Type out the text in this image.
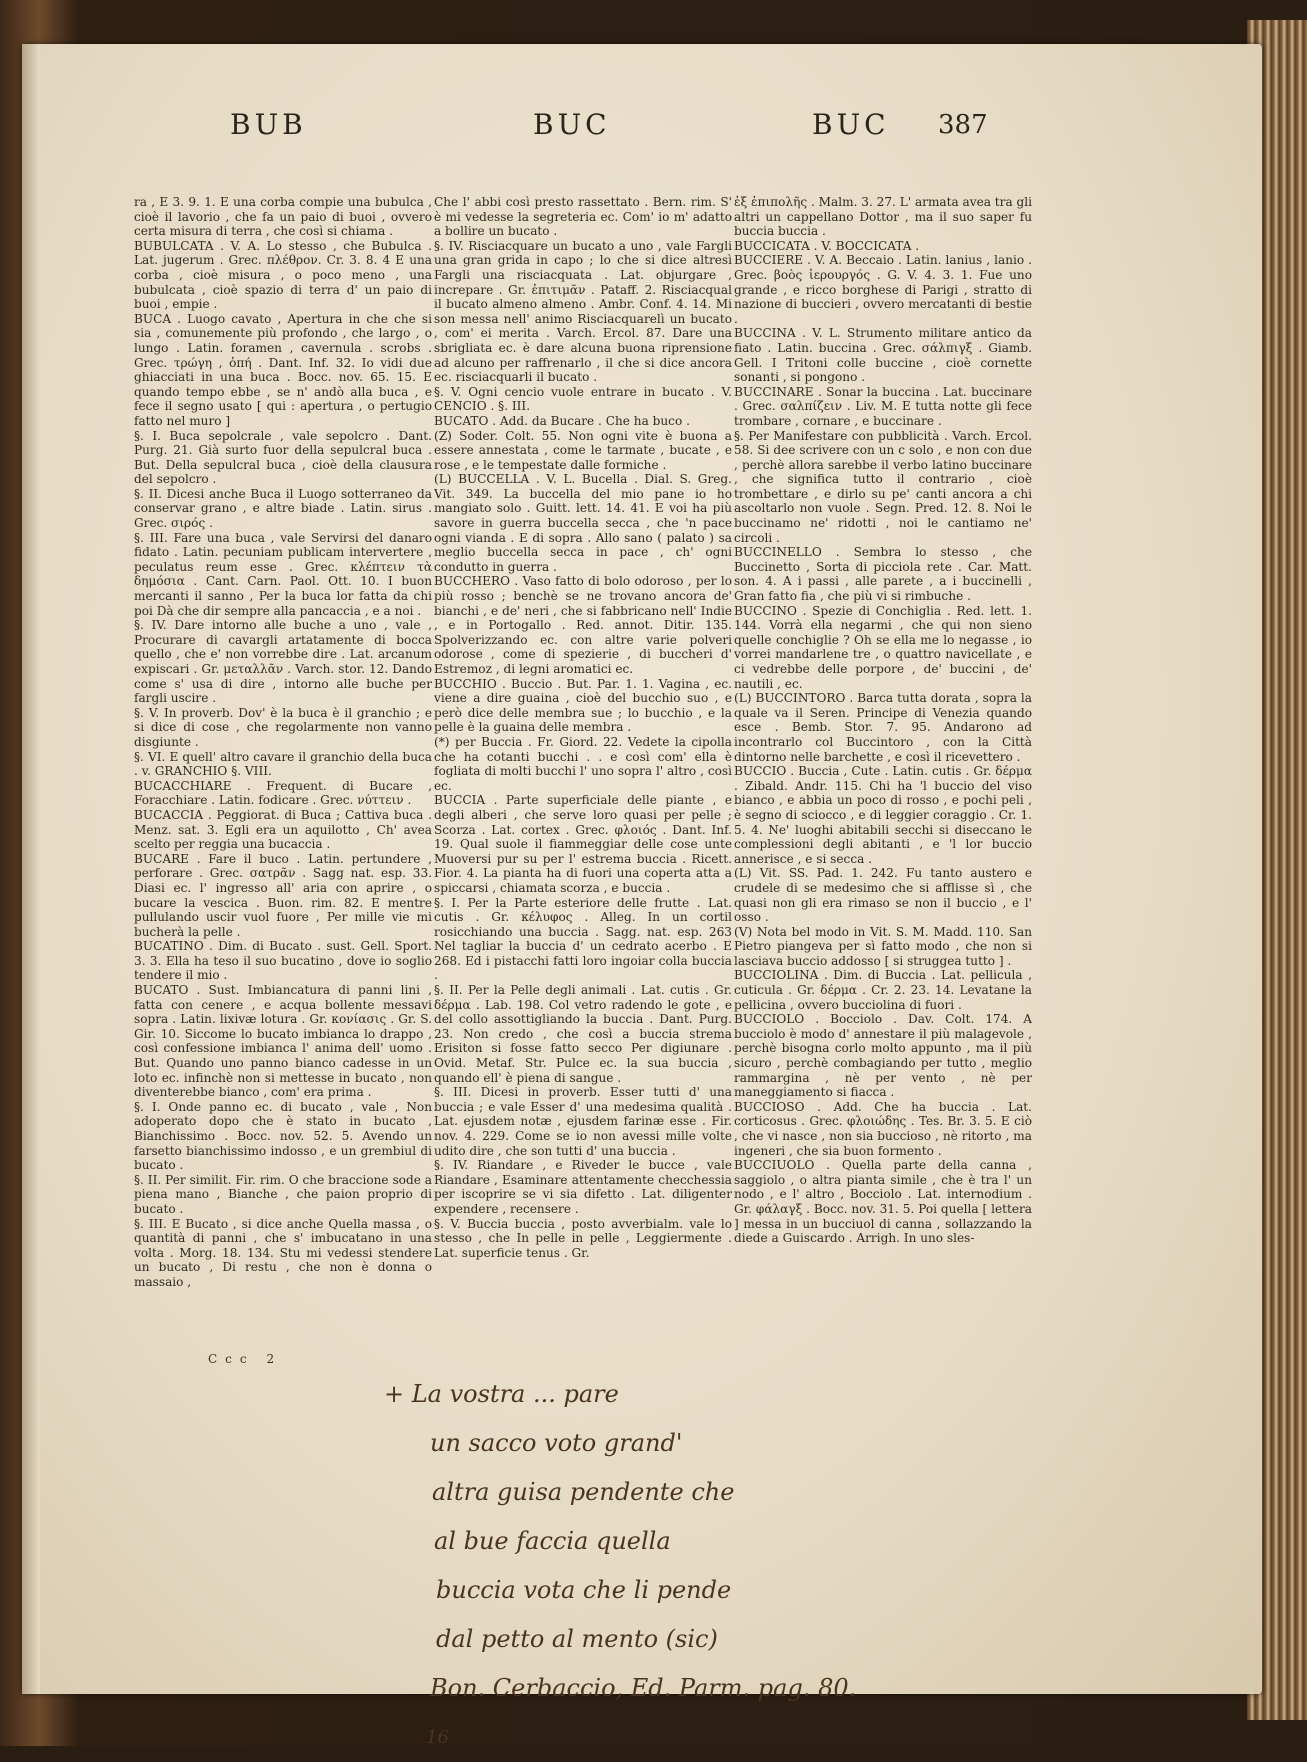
BUB	BUC	BUC 387

ra , E 3. 9. 1. E una corba compie una bubulca , cioè il lavorio , che fa un paio di buoi , ovvero certa misura di terra , che così si chiama .

BUBULCATA . V. A. Lo stesso , che Bubulca . Lat. jugerum . Grec. πλέθρον. Cr. 3. 8. 4 E una corba , cioè misura , o poco meno , una bubulcata , cioè spazio di terra d' un paio di buoi , empie .

BUCA . Luogo cavato , Apertura in che che si sia , comunemente più profondo , che largo , o lungo . Latin. foramen , cavernula . scrobs . Grec. τρώγη , ὀπή . Dant. Inf. 32. Io vidi due ghiacciati in una buca . Bocc. nov. 65. 15. E quando tempo ebbe , se n' andò alla buca , e fece il segno usato [ qui : apertura , o pertugio fatto nel muro ]

§. I. Buca sepolcrale , vale sepolcro . Dant. Purg. 21. Già surto fuor della sepulcral buca . But. Della sepulcral buca , cioè della clausura del sepolcro .

§. II. Dicesi anche Buca il Luogo sotterraneo da conservar grano , e altre biade . Latin. sirus . Grec. σιρός .

§. III. Fare una buca , vale Servirsi del danaro fidato . Latin. pecuniam publicam intervertere , peculatus reum esse . Grec. κλέπτειν τὰ δημόσια . Cant. Carn. Paol. Ott. 10. I buon mercanti il sanno , Per la buca lor fatta da chi poi Dà che dir sempre alla pancaccia , e a noi .

§. IV. Dare intorno alle buche a uno , vale , Procurare di cavargli artatamente di bocca quello , che e' non vorrebbe dire . Lat. arcanum expiscari . Gr. μεταλλᾶν . Varch. stor. 12. Dando come s' usa di dire , intorno alle buche per fargli uscire .

§. V. In proverb. Dov' è la buca è il granchio ; e si dice di cose , che regolarmente non vanno disgiunte .

§. VI. E quell' altro cavare il granchio della buca . v. GRANCHIO §. VIII.

BUCACCHIARE . Frequent. di Bucare , Foracchiare . Latin. fodicare . Grec. νύττειν .

BUCACCIA . Peggiorat. di Buca ; Cattiva buca . Menz. sat. 3. Egli era un aquilotto , Ch' avea scelto per reggia una bucaccia .

BUCARE . Fare il buco . Latin. pertundere , perforare . Grec. σατρᾶν . Sagg nat. esp. 33. Diasi ec. l' ingresso all' aria con aprire , o bucare la vescica . Buon. rim. 82. E mentre pullulando uscir vuol fuore , Per mille vie mi bucherà la pelle .

BUCATINO . Dim. di Bucato . sust. Gell. Sport. 3. 3. Ella ha teso il suo bucatino , dove io soglio tendere il mio .

BUCATO . Sust. Imbiancatura di panni lini , fatta con cenere , e acqua bollente messavi sopra . Latin. lixivæ lotura . Gr. κονίασις . Gr. S. Gir. 10. Siccome lo bucato imbianca lo drappo , così confessione imbianca l' anima dell' uomo . But. Quando uno panno bianco cadesse in un loto ec. infinchè non si mettesse in bucato , non diventerebbe bianco , com' era prima .

§. I. Onde panno ec. di bucato , vale , Non adoperato dopo che è stato in bucato , Bianchissimo . Bocc. nov. 52. 5. Avendo un farsetto bianchissimo indosso , e un grembiul di bucato .

§. II. Per similit. Fir. rim. O che braccione sode a piena mano , Bianche , che paion proprio di bucato .

§. III. E Bucato , si dice anche Quella massa , o quantità di panni , che s' imbucatano in una volta . Morg. 18. 134. Stu mi vedessi stendere un bucato , Di restu , che non è donna o massaio ,

Che l' abbi così presto rassettato . Bern. rim. S' è mi vedesse la segreteria ec. Com' io m' adatto a bollire un bucato .

§. IV. Risciacquare un bucato a uno , vale Fargli una gran grida in capo ; lo che si dice altresì Fargli una risciacquata . Lat. objurgare , increpare . Gr. ἐπιτιμᾶν . Pataff. 2. Risciacqual il bucato almeno almeno . Ambr. Conf. 4. 14. Mi son messa nell' animo Risciacquarelì un bucato , com' ei merita . Varch. Ercol. 87. Dare una sbrigliata ec. è dare alcuna buona riprensione ad alcuno per raffrenarlo , il che si dice ancora ec. risciacquarli il bucato .

§. V. Ogni cencio vuole entrare in bucato . V. CENCIO . §. III.

BUCATO . Add. da Bucare . Che ha buco .

(Z) Soder. Colt. 55. Non ogni vite è buona a essere annestata , come le tarmate , bucate , e rose , e le tempestate dalle formiche .

(L) BUCCELLA . V. L. Bucella . Dial. S. Greg. Vit. 349. La buccella del mio pane io ho mangiato solo . Guitt. lett. 14. 41. E voi ha più savore in guerra buccella secca , che 'n pace ogni vianda . E di sopra . Allo sano ( palato ) sa meglio buccella secca in pace , ch' ogni condutto in guerra .

BUCCHERO . Vaso fatto di bolo odoroso , per lo più rosso ; benchè se ne trovano ancora de' bianchi , e de' neri , che si fabbricano nell' Indie , e in Portogallo . Red. annot. Ditir. 135. Spolverizzando ec. con altre varie polveri odorose , come di spezierie , di buccheri d' Estremoz , di legni aromatici ec.

BUCCHIO . Buccio . But. Par. 1. 1. Vagina , ec. viene a dire guaina , cioè del bucchio suo , e però dice delle membra sue ; lo bucchio , e la pelle è la guaina delle membra .

(*) per Buccia . Fr. Giord. 22. Vedete la cipolla che ha cotanti bucchi . . e così com' ella è fogliata di molti bucchi l' uno sopra l' altro , così ec.

BUCCIA . Parte superficiale delle piante , e degli alberi , che serve loro quasi per pelle ; Scorza . Lat. cortex . Grec. φλοιός . Dant. Inf. 19. Qual suole il fiammeggiar delle cose unte Muoversi pur su per l' estrema buccia . Ricett. Fior. 4. La pianta ha di fuori una coperta atta a spiccarsi , chiamata scorza , e buccia .

§. I. Per la Parte esteriore delle frutte . Lat. cutis . Gr. κέλυφος . Alleg. In un cortil rosicchiando una buccia . Sagg. nat. esp. 263 Nel tagliar la buccia d' un cedrato acerbo . E 268. Ed i pistacchi fatti loro ingoiar colla buccia .

§. II. Per la Pelle degli animali . Lat. cutis . Gr. δέρμα . Lab. 198. Col vetro radendo le gote , e del collo assottigliando la buccia . Dant. Purg. 23. Non credo , che così a buccia strema Erisiton si fosse fatto secco Per digiunare . Ovid. Metaf. Str. Pulce ec. la sua buccia , quando ell' è piena di sangue .

§. III. Dicesi in proverb. Esser tutti d' una buccia ; e vale Esser d' una medesima qualità . Lat. ejusdem notæ , ejusdem farinæ esse . Fir. nov. 4. 229. Come se io non avessi mille volte udito dire , che son tutti d' una buccia .

§. IV. Riandare , e Riveder le bucce , vale Riandare , Esaminare attentamente checchessia per iscoprire se vi sia difetto . Lat. diligenter expendere , recensere .

§. V. Buccia buccia , posto avverbialm. vale lo stesso , che In pelle in pelle , Leggiermente . Lat. superficie tenus . Gr.

ἐξ ἐπιπολῆς . Malm. 3. 27. L' armata avea tra gli altri un cappellano Dottor , ma il suo saper fu buccia buccia .

BUCCICATA . V. BOCCICATA .

BUCCIERE . V. A. Beccaio . Latin. lanius , lanio . Grec. βοὸς ἱερουργός . G. V. 4. 3. 1. Fue uno grande , e ricco borghese di Parigi , stratto di nazione di buccieri , ovvero mercatanti di bestie .

BUCCINA . V. L. Strumento militare antico da fiato . Latin. buccina . Grec. σάλπιγξ . Giamb. Gell. I Tritoni colle buccine , cioè cornette sonanti , si pongono .

BUCCINARE . Sonar la buccina . Lat. buccinare . Grec. σαλπίζειν . Liv. M. E tutta notte gli fece trombare , cornare , e buccinare .

§. Per Manifestare con pubblicità . Varch. Ercol. 58. Si dee scrivere con un c solo , e non con due , perchè allora sarebbe il verbo latino buccinare , che significa tutto il contrario , cioè trombettare , e dirlo su pe' canti ancora a chi ascoltarlo non vuole . Segn. Pred. 12. 8. Noi le buccinamo ne' ridotti , noi le cantiamo ne' circoli .

BUCCINELLO . Sembra lo stesso , che Buccinetto , Sorta di picciola rete . Car. Matt. son. 4. A i passi , alle parete , a i buccinelli , Gran fatto fia , che più vi si rimbuche .

BUCCINO . Spezie di Conchiglia . Red. lett. 1. 144. Vorrà ella negarmi , che qui non sieno quelle conchiglie ? Oh se ella me lo negasse , io vorrei mandarlene tre , o quattro navicellate , e ci vedrebbe delle porpore , de' buccini , de' nautili , ec.

(L) BUCCINTORO . Barca tutta dorata , sopra la quale va il Seren. Principe di Venezia quando esce . Bemb. Stor. 7. 95. Andarono ad incontrarlo col Buccintoro , con la Città dintorno nelle barchette , e così il ricevettero .

BUCCIO . Buccia , Cute . Latin. cutis . Gr. δέρμα . Zibald. Andr. 115. Chi ha 'l buccio del viso bianco , e abbia un poco di rosso , e pochi peli , è segno di sciocco , e di leggier coraggio . Cr. 1. 5. 4. Ne' luoghi abitabili secchi si diseccano le complessioni degli abitanti , e 'l lor buccio annerisce , e si secca .

(L) Vit. SS. Pad. 1. 242. Fu tanto austero e crudele di se medesimo che si afflisse sì , che quasi non gli era rimaso se non il buccio , e l' osso .

(V) Nota bel modo in Vit. S. M. Madd. 110. San Pietro piangeva per sì fatto modo , che non si lasciava buccio addosso [ si struggea tutto ] .

BUCCIOLINA . Dim. di Buccia . Lat. pellicula , cuticula . Gr. δέρμα . Cr. 2. 23. 14. Levatane la pellicina , ovvero bucciolina di fuori .

BUCCIOLO . Bocciolo . Dav. Colt. 174. A bucciolo è modo d' annestare il più malagevole , perchè bisogna corlo molto appunto , ma il più sicuro , perchè combagiando per tutto , meglio rammargina , nè per vento , nè per maneggiamento si fiacca .

BUCCIOSO . Add. Che ha buccia . Lat. corticosus . Grec. φλοιώδης . Tes. Br. 3. 5. E ciò , che vi nasce , non sia buccioso , nè ritorto , ma ingeneri , che sia buon formento .

BUCCIUOLO . Quella parte della canna , saggiolo , o altra pianta simile , che è tra l' un nodo , e l' altro , Bocciolo . Lat. internodium . Gr. φάλαγξ . Bocc. nov. 31. 5. Poi quella [ lettera ] messa in un bucciuol di canna , sollazzando la diede a Guiscardo . Arrigh. In uno sles-

Ccc 2
+ La vostra ... pare
un sacco voto grand'
altra guisa pendente che
al bue faccia quella
buccia vota che li pende
dal petto al mento (sic)
Bon. Cerbaccio, Ed. Parm. pag. 80.
16
